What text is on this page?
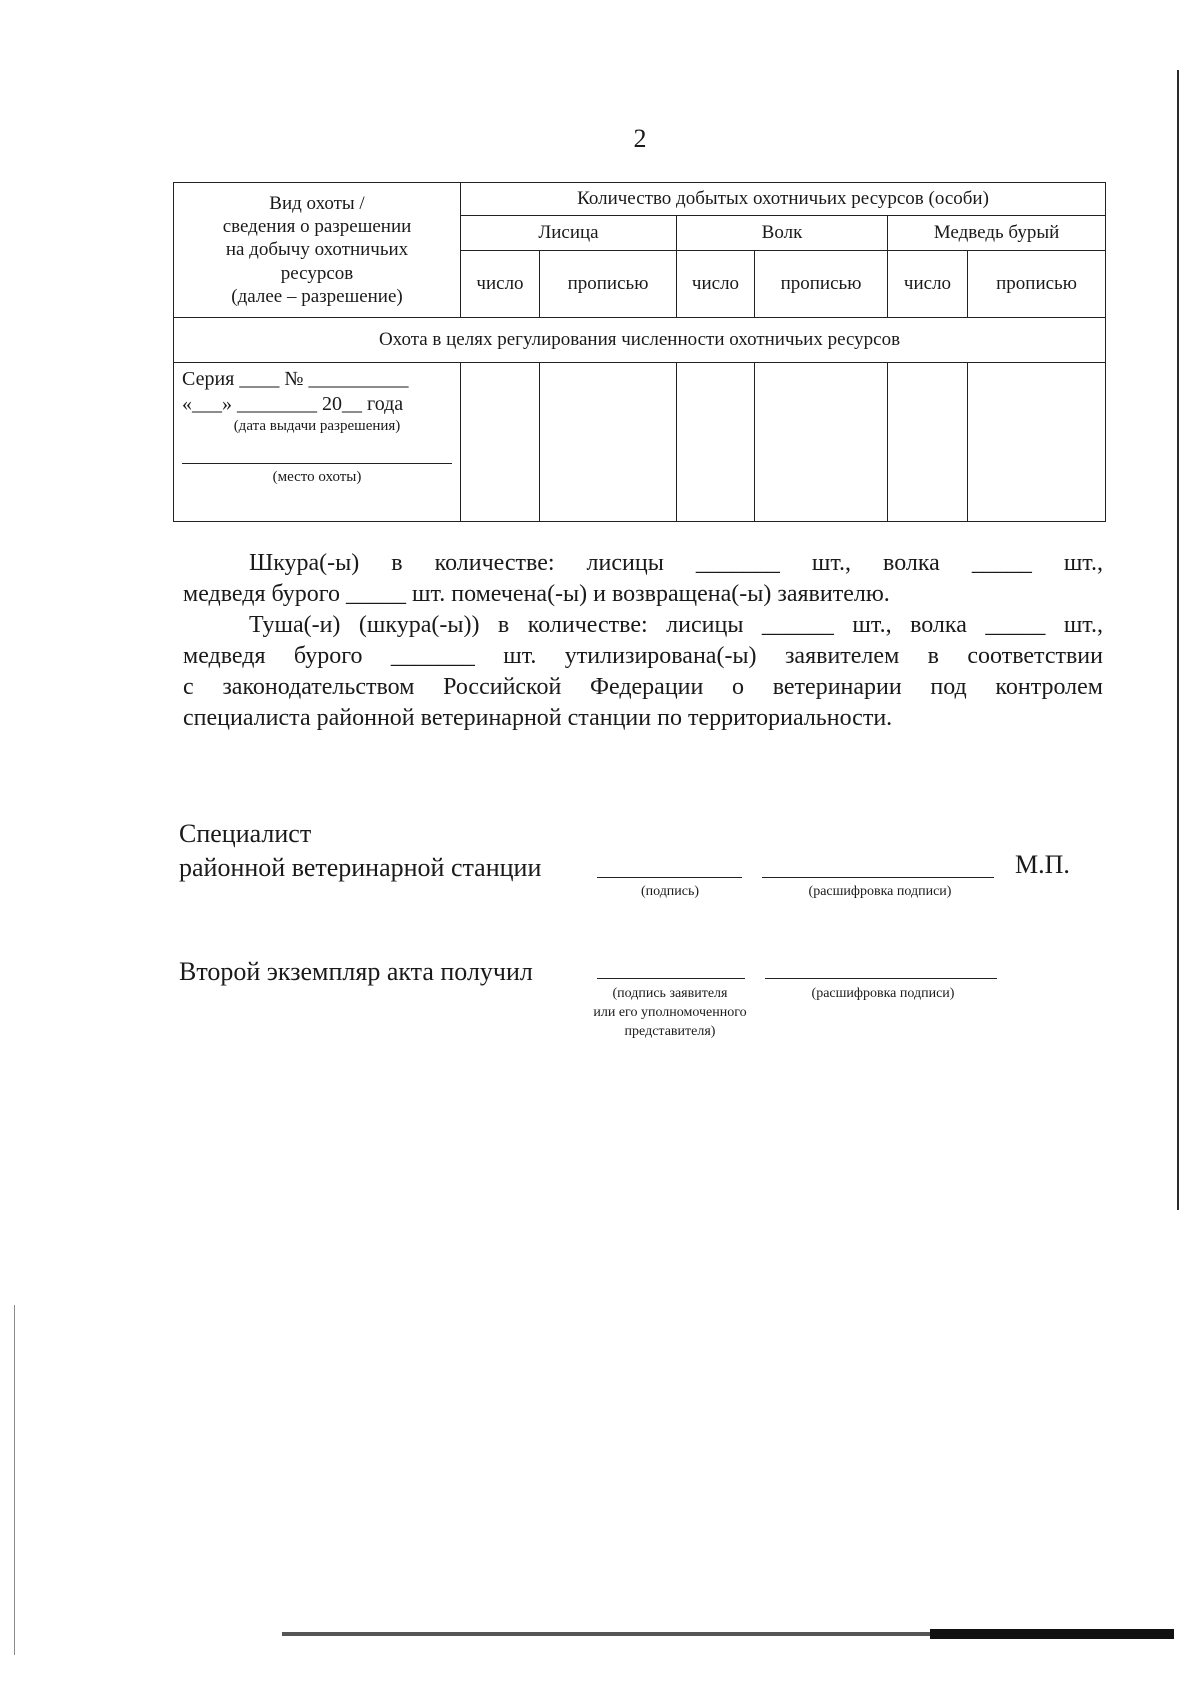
2
Вид охоты /
сведения о разрешении
на добычу охотничьих
ресурсов
(далее – разрешение)	Количество добытых охотничьих ресурсов (особи)					
	Лисица		Волк		Медведь бурый	
	число	прописью	число	прописью	число	прописью
Охота в целях регулирования численности охотничьих ресурсов						

Серия ____ № __________
«___» ________ 20__ года
(дата выдачи разрешения)
(место охоты)						

Шкура(-ы) в количестве: лисицы _______ шт., волка _____ шт.,
медведя бурого _____ шт. помечена(-ы) и возвращена(-ы) заявителю.
Туша(-и) (шкура(-ы)) в количестве: лисицы ______ шт., волка _____ шт.,
медведя бурого _______ шт. утилизирована(-ы) заявителем в соответствии
с законодательством Российской Федерации о ветеринарии под контролем
специалиста районной ветеринарной станции по территориальности.
Специалист
районной ветеринарной станции
(подпись)	(расшифровка подписи)
М.П.
Второй экземпляр акта получил
(подпись заявителя
или его уполномоченного
представителя)
(расшифровка подписи)
